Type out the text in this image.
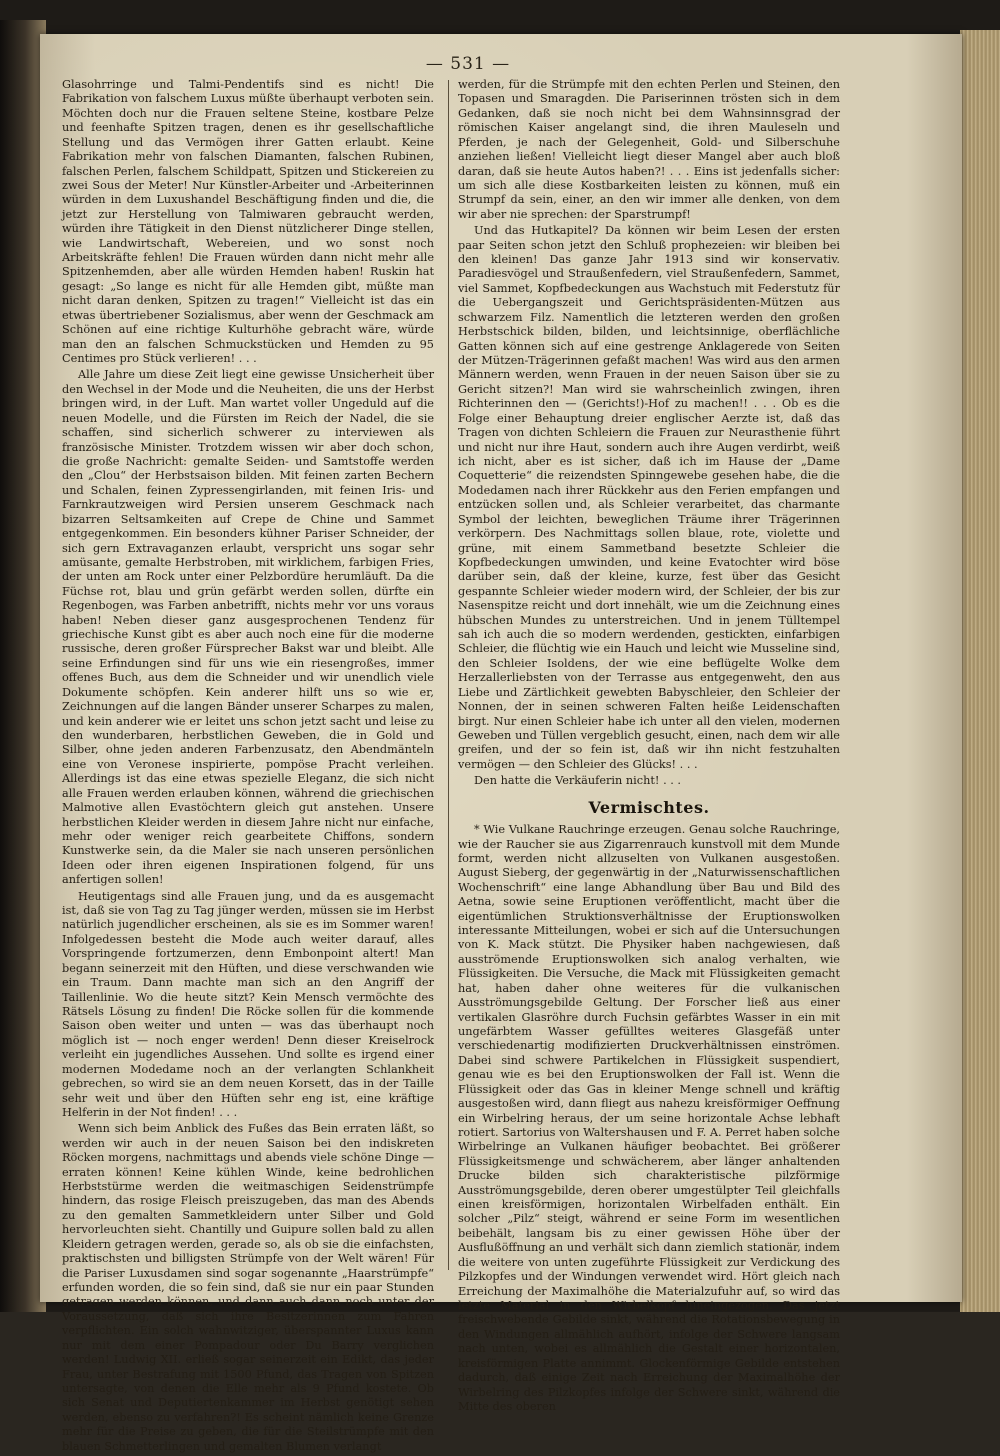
— 531 —

Glasohrringe und Talmi-Pendentifs sind es nicht! Die Fabrikation von falschem Luxus müßte überhaupt verboten sein. Möchten doch nur die Frauen seltene Steine, kostbare Pelze und feenhafte Spitzen tragen, denen es ihr gesellschaftliche Stellung und das Vermögen ihrer Gatten erlaubt. Keine Fabrikation mehr von falschen Diamanten, falschen Rubinen, falschen Perlen, falschem Schildpatt, Spitzen und Stickereien zu zwei Sous der Meter! Nur Künstler-Arbeiter und -Arbeiterinnen würden in dem Luxushandel Beschäftigung finden und die, die jetzt zur Herstellung von Talmiwaren gebraucht werden, würden ihre Tätigkeit in den Dienst nützlicherer Dinge stellen, wie Landwirtschaft, Webereien, und wo sonst noch Arbeitskräfte fehlen! Die Frauen würden dann nicht mehr alle Spitzenhemden, aber alle würden Hemden haben! Ruskin hat gesagt: „So lange es nicht für alle Hemden gibt, müßte man nicht daran denken, Spitzen zu tragen!“ Vielleicht ist das ein etwas übertriebener Sozialismus, aber wenn der Geschmack am Schönen auf eine richtige Kulturhöhe gebracht wäre, würde man den an falschen Schmuckstücken und Hemden zu 95 Centimes pro Stück verlieren! . . .

Alle Jahre um diese Zeit liegt eine gewisse Unsicherheit über den Wechsel in der Mode und die Neuheiten, die uns der Herbst bringen wird, in der Luft. Man wartet voller Ungeduld auf die neuen Modelle, und die Fürsten im Reich der Nadel, die sie schaffen, sind sicherlich schwerer zu interviewen als französische Minister. Trotzdem wissen wir aber doch schon, die große Nachricht: gemalte Seiden- und Samtstoffe werden den „Clou“ der Herbstsaison bilden. Mit feinen zarten Bechern und Schalen, feinen Zypressengirlanden, mit feinen Iris- und Farnkrautzweigen wird Persien unserem Geschmack nach bizarren Seltsamkeiten auf Crepe de Chine und Sammet entgegenkommen. Ein besonders kühner Pariser Schneider, der sich gern Extravaganzen erlaubt, verspricht uns sogar sehr amüsante, gemalte Herbstroben, mit wirklichem, farbigen Fries, der unten am Rock unter einer Pelzbordüre herumläuft. Da die Füchse rot, blau und grün gefärbt werden sollen, dürfte ein Regenbogen, was Farben anbetrifft, nichts mehr vor uns voraus haben! Neben dieser ganz ausgesprochenen Tendenz für griechische Kunst gibt es aber auch noch eine für die moderne russische, deren großer Fürsprecher Bakst war und bleibt. Alle seine Erfindungen sind für uns wie ein riesengroßes, immer offenes Buch, aus dem die Schneider und wir unendlich viele Dokumente schöpfen. Kein anderer hilft uns so wie er, Zeichnungen auf die langen Bänder unserer Scharpes zu malen, und kein anderer wie er leitet uns schon jetzt sacht und leise zu den wunderbaren, herbstlichen Geweben, die in Gold und Silber, ohne jeden anderen Farbenzusatz, den Abendmänteln eine von Veronese inspirierte, pompöse Pracht verleihen. Allerdings ist das eine etwas spezielle Eleganz, die sich nicht alle Frauen werden erlauben können, während die griechischen Malmotive allen Evastöchtern gleich gut anstehen. Unsere herbstlichen Kleider werden in diesem Jahre nicht nur einfache, mehr oder weniger reich gearbeitete Chiffons, sondern Kunstwerke sein, da die Maler sie nach unseren persönlichen Ideen oder ihren eigenen Inspirationen folgend, für uns anfertigen sollen!

Heutigentags sind alle Frauen jung, und da es ausgemacht ist, daß sie von Tag zu Tag jünger werden, müssen sie im Herbst natürlich jugendlicher erscheinen, als sie es im Sommer waren! Infolgedessen besteht die Mode auch weiter darauf, alles Vorspringende fortzumerzen, denn Embonpoint altert! Man begann seinerzeit mit den Hüften, und diese verschwanden wie ein Traum. Dann machte man sich an den Angriff der Taillenlinie. Wo die heute sitzt? Kein Mensch vermöchte des Rätsels Lösung zu finden! Die Röcke sollen für die kommende Saison oben weiter und unten — was das überhaupt noch möglich ist — noch enger werden! Denn dieser Kreiselrock verleiht ein jugendliches Aussehen. Und sollte es irgend einer modernen Modedame noch an der verlangten Schlankheit gebrechen, so wird sie an dem neuen Korsett, das in der Taille sehr weit und über den Hüften sehr eng ist, eine kräftige Helferin in der Not finden! . . .

Wenn sich beim Anblick des Fußes das Bein erraten läßt, so werden wir auch in der neuen Saison bei den indiskreten Röcken morgens, nachmittags und abends viele schöne Dinge — erraten können! Keine kühlen Winde, keine bedrohlichen Herbststürme werden die weitmaschigen Seidenstrümpfe hindern, das rosige Fleisch preiszugeben, das man des Abends zu den gemalten Sammetkleidern unter Silber und Gold hervorleuchten sieht. Chantilly und Guipure sollen bald zu allen Kleidern getragen werden, gerade so, als ob sie die einfachsten, praktischsten und billigsten Strümpfe von der Welt wären! Für die Pariser Luxusdamen sind sogar sogenannte „Haarstrümpfe“ erfunden worden, die so fein sind, daß sie nur ein paar Stunden getragen werden können, und dann auch dann noch unter der Voraussetzung, daß sich ihre Besitzerinnen zum Fahren verpflichten. Ein solch wahnwitziger, überspannter Luxus kann nur mit dem einer Pompadour oder Du Barry verglichen werden! Ludwig XII. erließ sogar seinerzeit ein Edikt, das jeder Frau, unter Bestrafung mit 1500 Pfund, das Tragen von Spitzen untersagte, von denen die Elle mehr als 9 Pfund kostete. Ob sich Senat und Deputiertenkammer im Herbst genötigt sehen werden, ebenso zu verfahren?! Es scheint nämlich keine Grenze mehr für die Preise zu geben, die für die Steilstrümpfe mit den blauen Schmetterlingen und gemalten Blumen verlangt

werden, für die Strümpfe mit den echten Perlen und Steinen, den Topasen und Smaragden. Die Pariserinnen trösten sich in dem Gedanken, daß sie noch nicht bei dem Wahnsinnsgrad der römischen Kaiser angelangt sind, die ihren Mauleseln und Pferden, je nach der Gelegenheit, Gold- und Silberschuhe anziehen ließen! Vielleicht liegt dieser Mangel aber auch bloß daran, daß sie heute Autos haben?! . . . Eins ist jedenfalls sicher: um sich alle diese Kostbarkeiten leisten zu können, muß ein Strumpf da sein, einer, an den wir immer alle denken, von dem wir aber nie sprechen: der Sparstrumpf!

Und das Hutkapitel? Da können wir beim Lesen der ersten paar Seiten schon jetzt den Schluß prophezeien: wir bleiben bei den kleinen! Das ganze Jahr 1913 sind wir konservativ. Paradiesvögel und Straußenfedern, viel Straußenfedern, Sammet, viel Sammet, Kopfbedeckungen aus Wachstuch mit Federstutz für die Uebergangszeit und Gerichtspräsidenten-Mützen aus schwarzem Filz. Namentlich die letzteren werden den großen Herbstschick bilden, bilden, und leichtsinnige, oberflächliche Gatten können sich auf eine gestrenge Anklagerede von Seiten der Mützen-Trägerinnen gefaßt machen! Was wird aus den armen Männern werden, wenn Frauen in der neuen Saison über sie zu Gericht sitzen?! Man wird sie wahrscheinlich zwingen, ihren Richterinnen den — (Gerichts!)-Hof zu machen!! . . . Ob es die Folge einer Behauptung dreier englischer Aerzte ist, daß das Tragen von dichten Schleiern die Frauen zur Neurasthenie führt und nicht nur ihre Haut, sondern auch ihre Augen verdirbt, weiß ich nicht, aber es ist sicher, daß ich im Hause der „Dame Coquetterie“ die reizendsten Spinngewebe gesehen habe, die die Modedamen nach ihrer Rückkehr aus den Ferien empfangen und entzücken sollen und, als Schleier verarbeitet, das charmante Symbol der leichten, beweglichen Träume ihrer Trägerinnen verkörpern. Des Nachmittags sollen blaue, rote, violette und grüne, mit einem Sammetband besetzte Schleier die Kopfbedeckungen umwinden, und keine Evatochter wird böse darüber sein, daß der kleine, kurze, fest über das Gesicht gespannte Schleier wieder modern wird, der Schleier, der bis zur Nasenspitze reicht und dort innehält, wie um die Zeichnung eines hübschen Mundes zu unterstreichen. Und in jenem Tülltempel sah ich auch die so modern werdenden, gestickten, einfarbigen Schleier, die flüchtig wie ein Hauch und leicht wie Musseline sind, den Schleier Isoldens, der wie eine beflügelte Wolke dem Herzallerliebsten von der Terrasse aus entgegenweht, den aus Liebe und Zärtlichkeit gewebten Babyschleier, den Schleier der Nonnen, der in seinen schweren Falten heiße Leidenschaften birgt. Nur einen Schleier habe ich unter all den vielen, modernen Geweben und Tüllen vergeblich gesucht, einen, nach dem wir alle greifen, und der so fein ist, daß wir ihn nicht festzuhalten vermögen — den Schleier des Glücks! . . .

Den hatte die Verkäuferin nicht! . . .

Vermischtes.

* Wie Vulkane Rauchringe erzeugen. Genau solche Rauchringe, wie der Raucher sie aus Zigarrenrauch kunstvoll mit dem Munde formt, werden nicht allzuselten von Vulkanen ausgestoßen. August Sieberg, der gegenwärtig in der „Naturwissenschaftlichen Wochenschrift“ eine lange Abhandlung über Bau und Bild des Aetna, sowie seine Eruptionen veröffentlicht, macht über die eigentümlichen Struktionsverhältnisse der Eruptionswolken interessante Mitteilungen, wobei er sich auf die Untersuchungen von K. Mack stützt. Die Physiker haben nachgewiesen, daß ausströmende Eruptionswolken sich analog verhalten, wie Flüssigkeiten. Die Versuche, die Mack mit Flüssigkeiten gemacht hat, haben daher ohne weiteres für die vulkanischen Ausströmungsgebilde Geltung. Der Forscher ließ aus einer vertikalen Glasröhre durch Fuchsin gefärbtes Wasser in ein mit ungefärbtem Wasser gefülltes weiteres Glasgefäß unter verschiedenartig modifizierten Druckverhältnissen einströmen. Dabei sind schwere Partikelchen in Flüssigkeit suspendiert, genau wie es bei den Eruptionswolken der Fall ist. Wenn die Flüssigkeit oder das Gas in kleiner Menge schnell und kräftig ausgestoßen wird, dann fliegt aus nahezu kreisförmiger Oeffnung ein Wirbelring heraus, der um seine horizontale Achse lebhaft rotiert. Sartorius von Waltershausen und F. A. Perret haben solche Wirbelringe an Vulkanen häufiger beobachtet. Bei größerer Flüssigkeitsmenge und schwächerem, aber länger anhaltenden Drucke bilden sich charakteristische pilzförmige Ausströmungsgebilde, deren oberer umgestülpter Teil gleichfalls einen kreisförmigen, horizontalen Wirbelfaden enthält. Ein solcher „Pilz“ steigt, während er seine Form im wesentlichen beibehält, langsam bis zu einer gewissen Höhe über der Ausflußöffnung an und verhält sich dann ziemlich stationär, indem die weitere von unten zugeführte Flüssigkeit zur Verdickung des Pilzkopfes und der Windungen verwendet wird. Hört gleich nach Erreichung der Maximalhöhe die Materialzufuhr auf, so wird das letzte Material in den Wirbelkopf hineingezogen. Das jetzt freischwebende Gebilde sinkt, während die Rotationsbewegung in den Windungen allmählich aufhört, infolge der Schwere langsam nach unten, wobei es allmählich die Gestalt einer horizontalen, kreisförmigen Platte annimmt. Glockenförmige Gebilde entstehen dadurch, daß einige Zeit nach Erreichung der Maximalhöhe der Wirbelring des Pilzkopfes infolge der Schwere sinkt, während die Mitte des oberen
